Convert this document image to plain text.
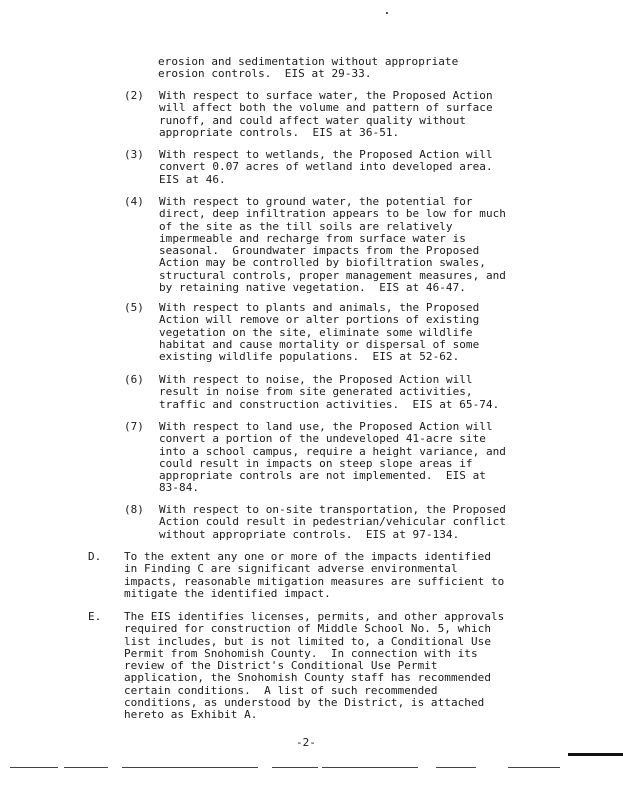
erosion and sedimentation without appropriate
erosion controls.  EIS at 29-33.
(2) With respect to surface water, the Proposed Action
will affect both the volume and pattern of surface
runoff, and could affect water quality without
appropriate controls.  EIS at 36-51.
(3) With respect to wetlands, the Proposed Action will
convert 0.07 acres of wetland into developed area.
EIS at 46.
(4) With respect to ground water, the potential for
direct, deep infiltration appears to be low for much
of the site as the till soils are relatively
impermeable and recharge from surface water is
seasonal.  Groundwater impacts from the Proposed
Action may be controlled by biofiltration swales,
structural controls, proper management measures, and
by retaining native vegetation.  EIS at 46-47.
(5) With respect to plants and animals, the Proposed
Action will remove or alter portions of existing
vegetation on the site, eliminate some wildlife
habitat and cause mortality or dispersal of some
existing wildlife populations.  EIS at 52-62.
(6) With respect to noise, the Proposed Action will
result in noise from site generated activities,
traffic and construction activities.  EIS at 65-74.
(7) With respect to land use, the Proposed Action will
convert a portion of the undeveloped 41-acre site
into a school campus, require a height variance, and
could result in impacts on steep slope areas if
appropriate controls are not implemented.  EIS at
83-84.
(8) With respect to on-site transportation, the Proposed
Action could result in pedestrian/vehicular conflict
without appropriate controls.  EIS at 97-134.
D. To the extent any one or more of the impacts identified
in Finding C are significant adverse environmental
impacts, reasonable mitigation measures are sufficient to
mitigate the identified impact.
E. The EIS identifies licenses, permits, and other approvals
required for construction of Middle School No. 5, which
list includes, but is not limited to, a Conditional Use
Permit from Snohomish County.  In connection with its
review of the District's Conditional Use Permit
application, the Snohomish County staff has recommended
certain conditions.  A list of such recommended
conditions, as understood by the District, is attached
hereto as Exhibit A.
-2-
